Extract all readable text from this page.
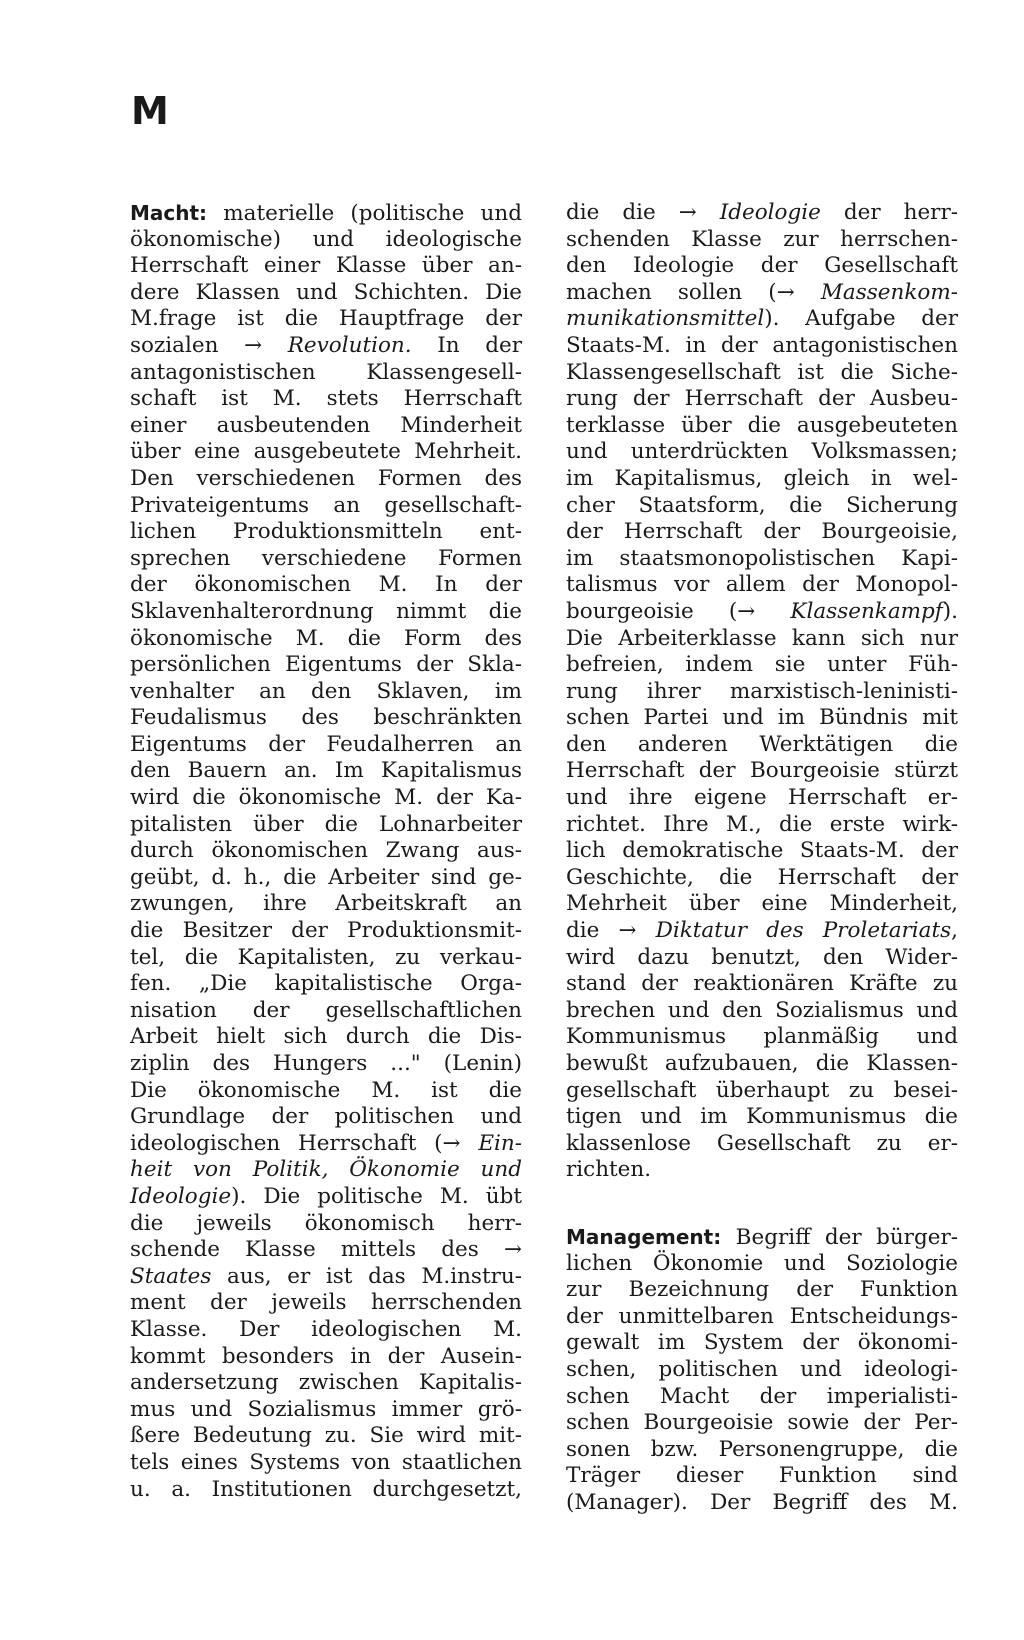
M
Macht: materielle (politische und
ökonomische) und ideologische
Herrschaft einer Klasse über an-
dere Klassen und Schichten. Die
M.frage ist die Hauptfrage der
sozialen → Revolution. In der
antagonistischen Klassengesell-
schaft ist M. stets Herrschaft
einer ausbeutenden Minderheit
über eine ausgebeutete Mehrheit.
Den verschiedenen Formen des
Privateigentums an gesellschaft-
lichen Produktionsmitteln ent-
sprechen verschiedene Formen
der ökonomischen M. In der
Sklavenhalterordnung nimmt die
ökonomische M. die Form des
persönlichen Eigentums der Skla-
venhalter an den Sklaven, im
Feudalismus des beschränkten
Eigentums der Feudalherren an
den Bauern an. Im Kapitalismus
wird die ökonomische M. der Ka-
pitalisten über die Lohnarbeiter
durch ökonomischen Zwang aus-
geübt, d. h., die Arbeiter sind ge-
zwungen, ihre Arbeitskraft an
die Besitzer der Produktionsmit-
tel, die Kapitalisten, zu verkau-
fen. „Die kapitalistische Orga-
nisation der gesellschaftlichen
Arbeit hielt sich durch die Dis-
ziplin des Hungers ..." (Lenin)
Die ökonomische M. ist die
Grundlage der politischen und
ideologischen Herrschaft (→ Ein-
heit von Politik, Ökonomie und
Ideologie). Die politische M. übt
die jeweils ökonomisch herr-
schende Klasse mittels des →
Staates aus, er ist das M.instru-
ment der jeweils herrschenden
Klasse. Der ideologischen M.
kommt besonders in der Ausein-
andersetzung zwischen Kapitalis-
mus und Sozialismus immer grö-
ßere Bedeutung zu. Sie wird mit-
tels eines Systems von staatlichen
u. a. Institutionen durchgesetzt,
die die → Ideologie der herr-
schenden Klasse zur herrschen-
den Ideologie der Gesellschaft
machen sollen (→ Massenkom-
munikationsmittel). Aufgabe der
Staats-M. in der antagonistischen
Klassengesellschaft ist die Siche-
rung der Herrschaft der Ausbeu-
terklasse über die ausgebeuteten
und unterdrückten Volksmassen;
im Kapitalismus, gleich in wel-
cher Staatsform, die Sicherung
der Herrschaft der Bourgeoisie,
im staatsmonopolistischen Kapi-
talismus vor allem der Monopol-
bourgeoisie (→ Klassenkampf).
Die Arbeiterklasse kann sich nur
befreien, indem sie unter Füh-
rung ihrer marxistisch-leninisti-
schen Partei und im Bündnis mit
den anderen Werktätigen die
Herrschaft der Bourgeoisie stürzt
und ihre eigene Herrschaft er-
richtet. Ihre M., die erste wirk-
lich demokratische Staats-M. der
Geschichte, die Herrschaft der
Mehrheit über eine Minderheit,
die → Diktatur des Proletariats,
wird dazu benutzt, den Wider-
stand der reaktionären Kräfte zu
brechen und den Sozialismus und
Kommunismus planmäßig und
bewußt aufzubauen, die Klassen-
gesellschaft überhaupt zu besei-
tigen und im Kommunismus die
klassenlose Gesellschaft zu er-
richten.
Management: Begriff der bürger-
lichen Ökonomie und Soziologie
zur Bezeichnung der Funktion
der unmittelbaren Entscheidungs-
gewalt im System der ökonomi-
schen, politischen und ideologi-
schen Macht der imperialisti-
schen Bourgeoisie sowie der Per-
sonen bzw. Personengruppe, die
Träger dieser Funktion sind
(Manager). Der Begriff des M.
